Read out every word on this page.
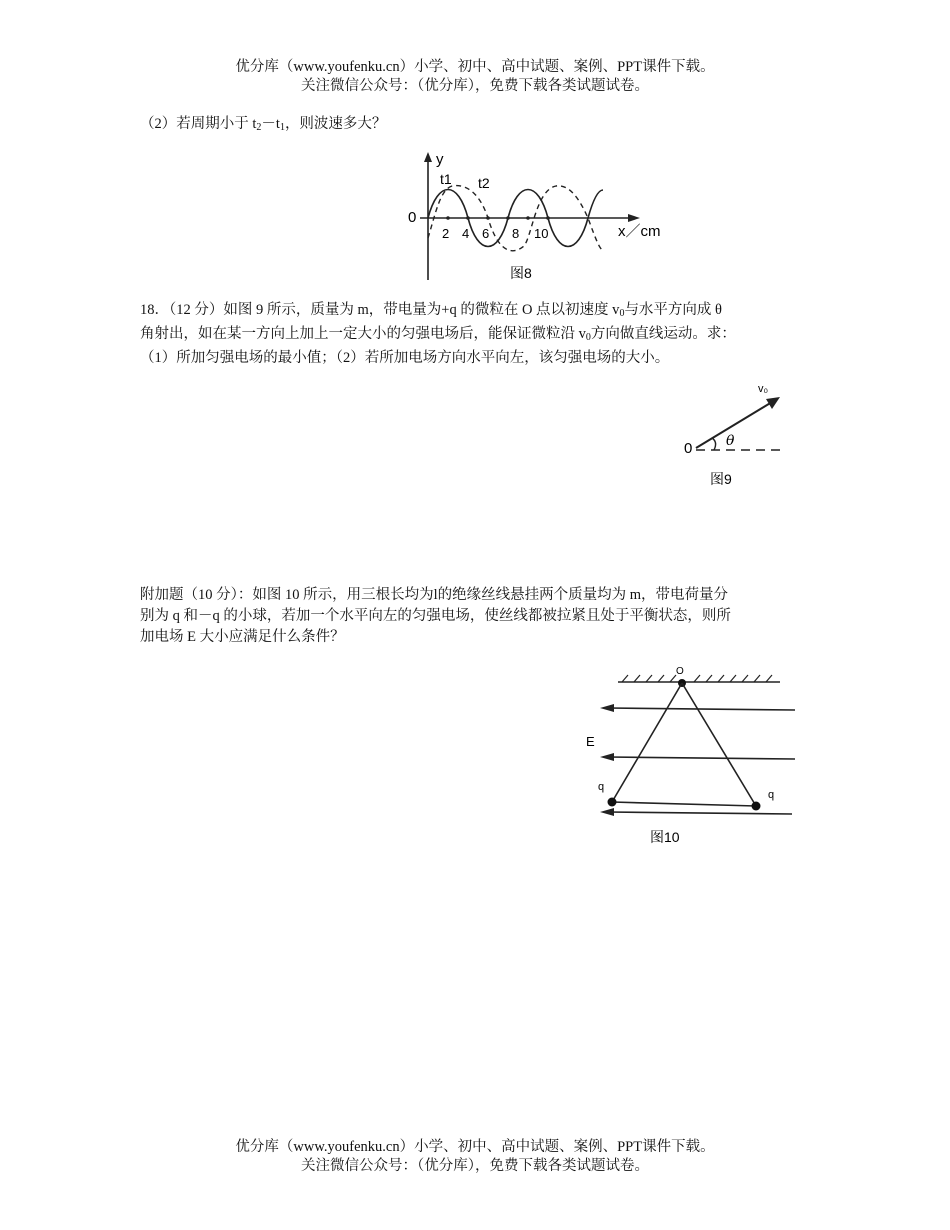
优分库（www.youfenku.cn）小学、初中、高中试题、案例、PPT课件下载。
关注微信公众号：（优分库），免费下载各类试题试卷。

（2）若周期小于 $t_2-t_1$，则波速多大？

y
0
t1 t2
2 4 6 8 10	x／cm
图8

18．（12 分）如图 9 所示，质量为 m，带电量为+q 的微粒在 O 点以初速度 $v_0$与水平方向成 θ

角射出，如在某一方向上加上一定大小的匀强电场后，能保证微粒沿 $v_0$方向做直线运动。求：

（1）所加匀强电场的最小值；（2）若所加电场方向水平向左，该匀强电场的大小。

0 θ
v₀
图9

附加题（10 分）：如图 10 所示，用三根长均为l的绝缘丝线悬挂两个质量均为 m，带电荷量分

别为 q 和－q 的小球，若加一个水平向左的匀强电场，使丝线都被拉紧且处于平衡状态，则所

加电场 E 大小应满足什么条件？

O
E
q
q
图10
优分库（www.youfenku.cn）小学、初中、高中试题、案例、PPT课件下载。
关注微信公众号：（优分库），免费下载各类试题试卷。
